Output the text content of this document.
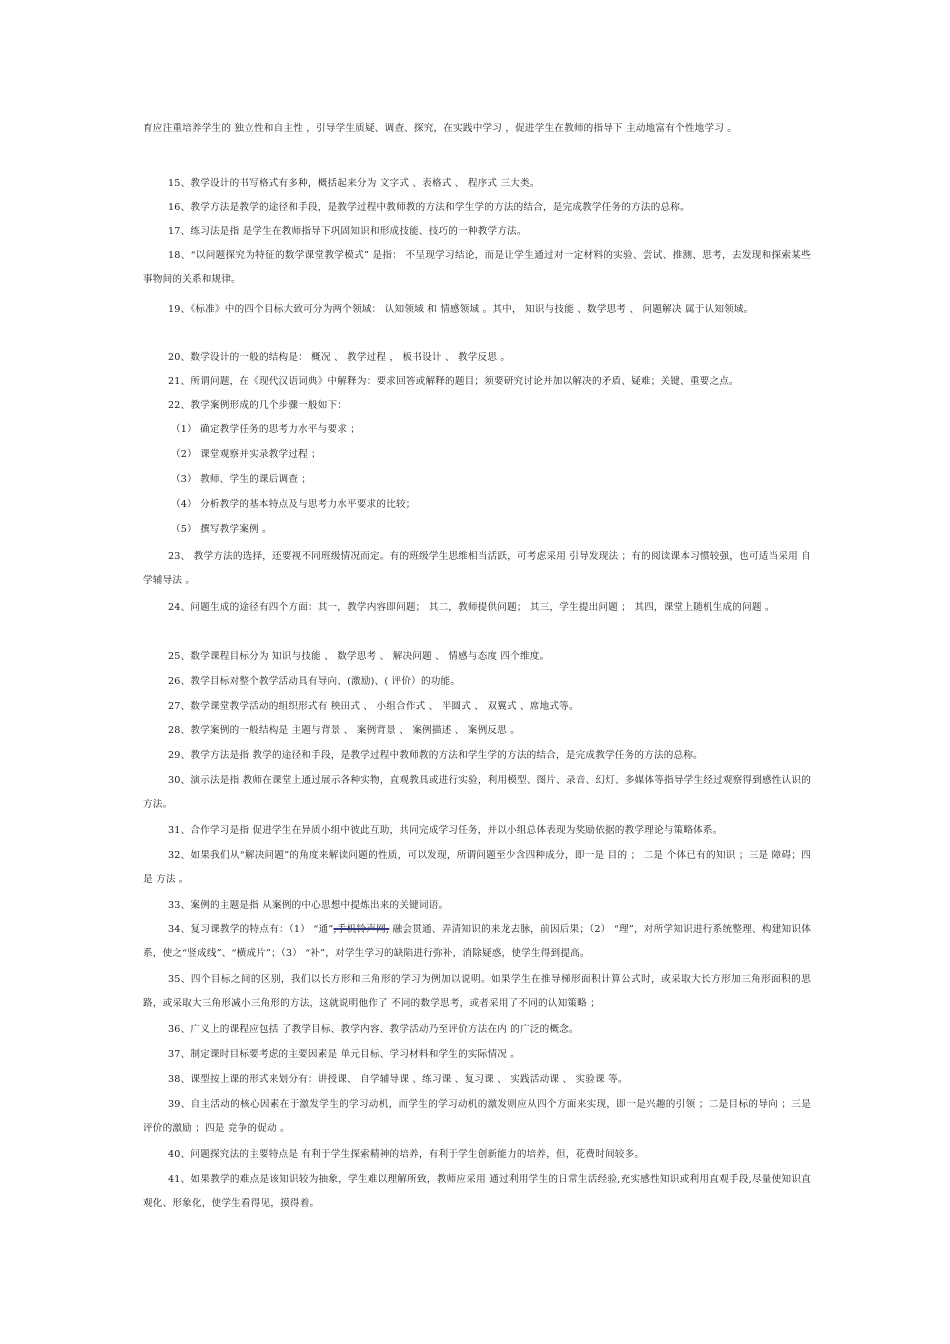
育应注重培养学生的 独立性和自主性 ，引导学生质疑、调查、探究，在实践中学习 ，促进学生在教师的指导下 主动地富有个性地学习 。

15、教学设计的书写格式有多种，概括起来分为 文字式 、表格式 、 程序式 三大类。

16、教学方法是教学的途径和手段，是教学过程中教师教的方法和学生学的方法的结合，是完成教学任务的方法的总称。

17、练习法是指 是学生在教师指导下巩固知识和形成技能、技巧的一种教学方法。

18、“以问题探究为特征的数学课堂教学模式” 是指： 不呈现学习结论，而是让学生通过对一定材料的实验、尝试、推测、思考，去发现和探索某些事物间的关系和规律。

19、《标准》中的四个目标大致可分为两个领域： 认知领域 和 情感领域 。其中， 知识与技能 、数学思考 、 问题解决 属于认知领域。

20、数学设计的一般的结构是： 概况 、 教学过程 ， 板书设计 、 教学反思 。

21、所谓问题，在《现代汉语词典》中解释为：要求回答或解释的题目；须要研究讨论并加以解决的矛盾、疑难；关键、重要之点。

22、教学案例形成的几个步骤一般如下：

（1） 确定教学任务的思考力水平与要求 ；

（2） 课堂观察并实录教学过程 ；

（3） 教师、学生的课后调查 ；

（4） 分析教学的基本特点及与思考力水平要求的比较；

（5） 撰写教学案例 。

23、 教学方法的选择，还要视不同班级情况而定。有的班级学生思维相当活跃，可考虑采用 引导发现法 ；有的阅读课本习惯较强，也可适当采用 自学辅导法 。

24、问题生成的途径有四个方面：其一，教学内容即问题； 其二，教师提供问题； 其三，学生提出问题 ； 其四，课堂上随机生成的问题 。

25、数学课程目标分为 知识与技能 、 数学思考 、 解决问题 、 情感与态度 四个维度。

26、教学目标对整个教学活动具有导向、(激励)、( 评价）的功能。

27、数学课堂教学活动的组织形式有 秧田式 、 小组合作式 、 半圆式 、 双翼式 、席地式等。

28、教学案例的一般结构是 主题与背景 、 案例背景 、 案例描述 、 案例反思 。

29、教学方法是指 教学的途径和手段，是教学过程中教师教的方法和学生学的方法的结合，是完成教学任务的方法的总称。

30、演示法是指 教师在课堂上通过展示各种实物，直观教具或进行实验，利用模型、图片、录音、幻灯、多媒体等指导学生经过观察得到感性认识的方法。

31、合作学习是指 促进学生在异质小组中彼此互助，共同完成学习任务，并以小组总体表现为奖励依据的教学理论与策略体系。

32、如果我们从“解决问题”的角度来解读问题的性质，可以发现，所谓问题至少含四种成分，即一是 目的 ； 二是 个体已有的知识 ；三是 障碍；四是 方法 。

33、案例的主题是指 从案例的中心思想中提炼出来的关键词语。

34、复习课教学的特点有：（1） “通”,手机铃声网, 融会贯通、弄清知识的来龙去脉，前因后果；（2） “理”，对所学知识进行系统整理、构建知识体系，使之“竖成线”、“横成片”；（3） “补”，对学生学习的缺陷进行弥补，消除疑惑，使学生得到提高。

35、四个目标之间的区别，我们以长方形和三角形的学习为例加以说明。如果学生在推导梯形面积计算公式时，或采取大长方形加三角形面积的思路，或采取大三角形减小三角形的方法，这就说明他作了 不同的数学思考，或者采用了不同的认知策略 ；

36、广义上的课程应包括 了教学目标、教学内容、教学活动乃至评价方法在内 的广泛的概念。

37、制定课时目标要考虑的主要因素是 单元目标、学习材料和学生的实际情况 。

38、课型按上课的形式来划分有：讲授课、 自学辅导课 、练习课 、复习课 、 实践活动课 、 实验课 等。

39、自主活动的核心因素在于激发学生的学习动机，而学生的学习动机的激发则应从四个方面来实现，即一是兴趣的引领 ；二是目标的导向 ；三是评价的激励 ；四是 竞争的促动 。

40、问题探究法的主要特点是 有利于学生探索精神的培养，有利于学生创新能力的培养，但，花费时间较多。

41、如果教学的难点是该知识较为抽象，学生难以理解所致，教师应采用 通过利用学生的日常生活经验,充实感性知识或利用直观手段,尽量使知识直观化、形象化，使学生看得见，摸得着。
